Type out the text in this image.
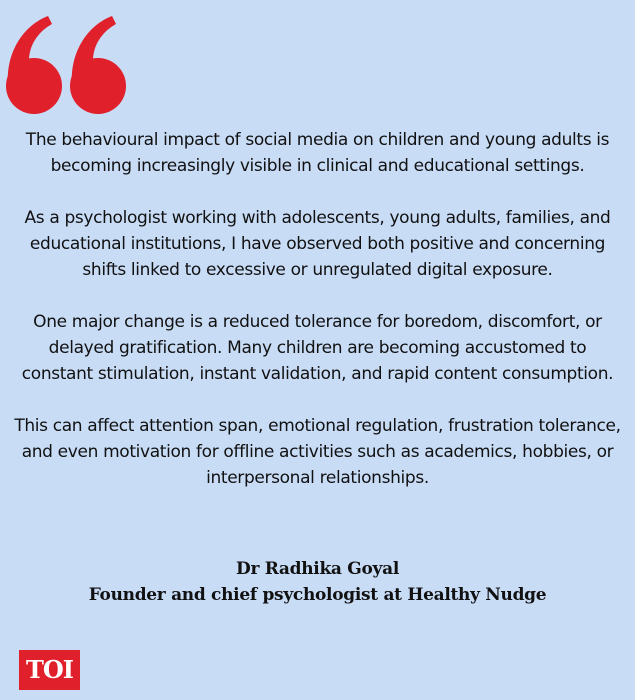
The behavioural impact of social media on children and young adults is becoming increasingly visible in clinical and educational settings.

As a psychologist working with adolescents, young adults, families, and educational institutions, I have observed both positive and concerning shifts linked to excessive or unregulated digital exposure.

One major change is a reduced tolerance for boredom, discomfort, or delayed gratification. Many children are becoming accustomed to constant stimulation, instant validation, and rapid content consumption.

This can affect attention span, emotional regulation, frustration tolerance, and even motivation for offline activities such as academics, hobbies, or interpersonal relationships.

Dr Radhika Goyal
Founder and chief psychologist at Healthy Nudge
TOI
